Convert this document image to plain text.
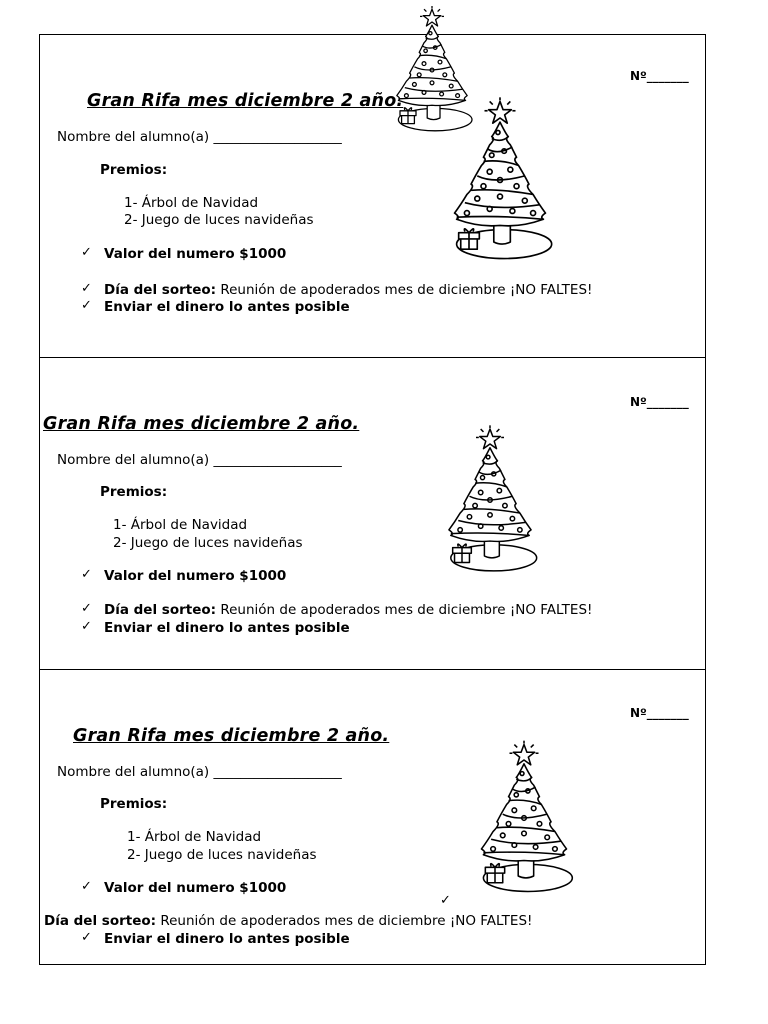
Nº_______
Gran Rifa mes diciembre 2 año.
Nombre del alumno(a) ___________________
Premios:
1- Árbol de Navidad
2- Juego de luces navideñas
✓ Valor del numero $1000
✓ Día del sorteo: Reunión de apoderados mes de diciembre ¡NO FALTES!
✓ Enviar el dinero lo antes posible
Nº_______
Gran Rifa mes diciembre 2 año.
Nombre del alumno(a) ___________________
Premios:
1- Árbol de Navidad
2- Juego de luces navideñas
✓ Valor del numero $1000
✓ Día del sorteo: Reunión de apoderados mes de diciembre ¡NO FALTES!
✓ Enviar el dinero lo antes posible
Nº_______
Gran Rifa mes diciembre 2 año.
Nombre del alumno(a) ___________________
Premios:
1- Árbol de Navidad
2- Juego de luces navideñas
✓ Valor del numero $1000
✓
Día del sorteo: Reunión de apoderados mes de diciembre ¡NO FALTES!
✓ Enviar el dinero lo antes posible
